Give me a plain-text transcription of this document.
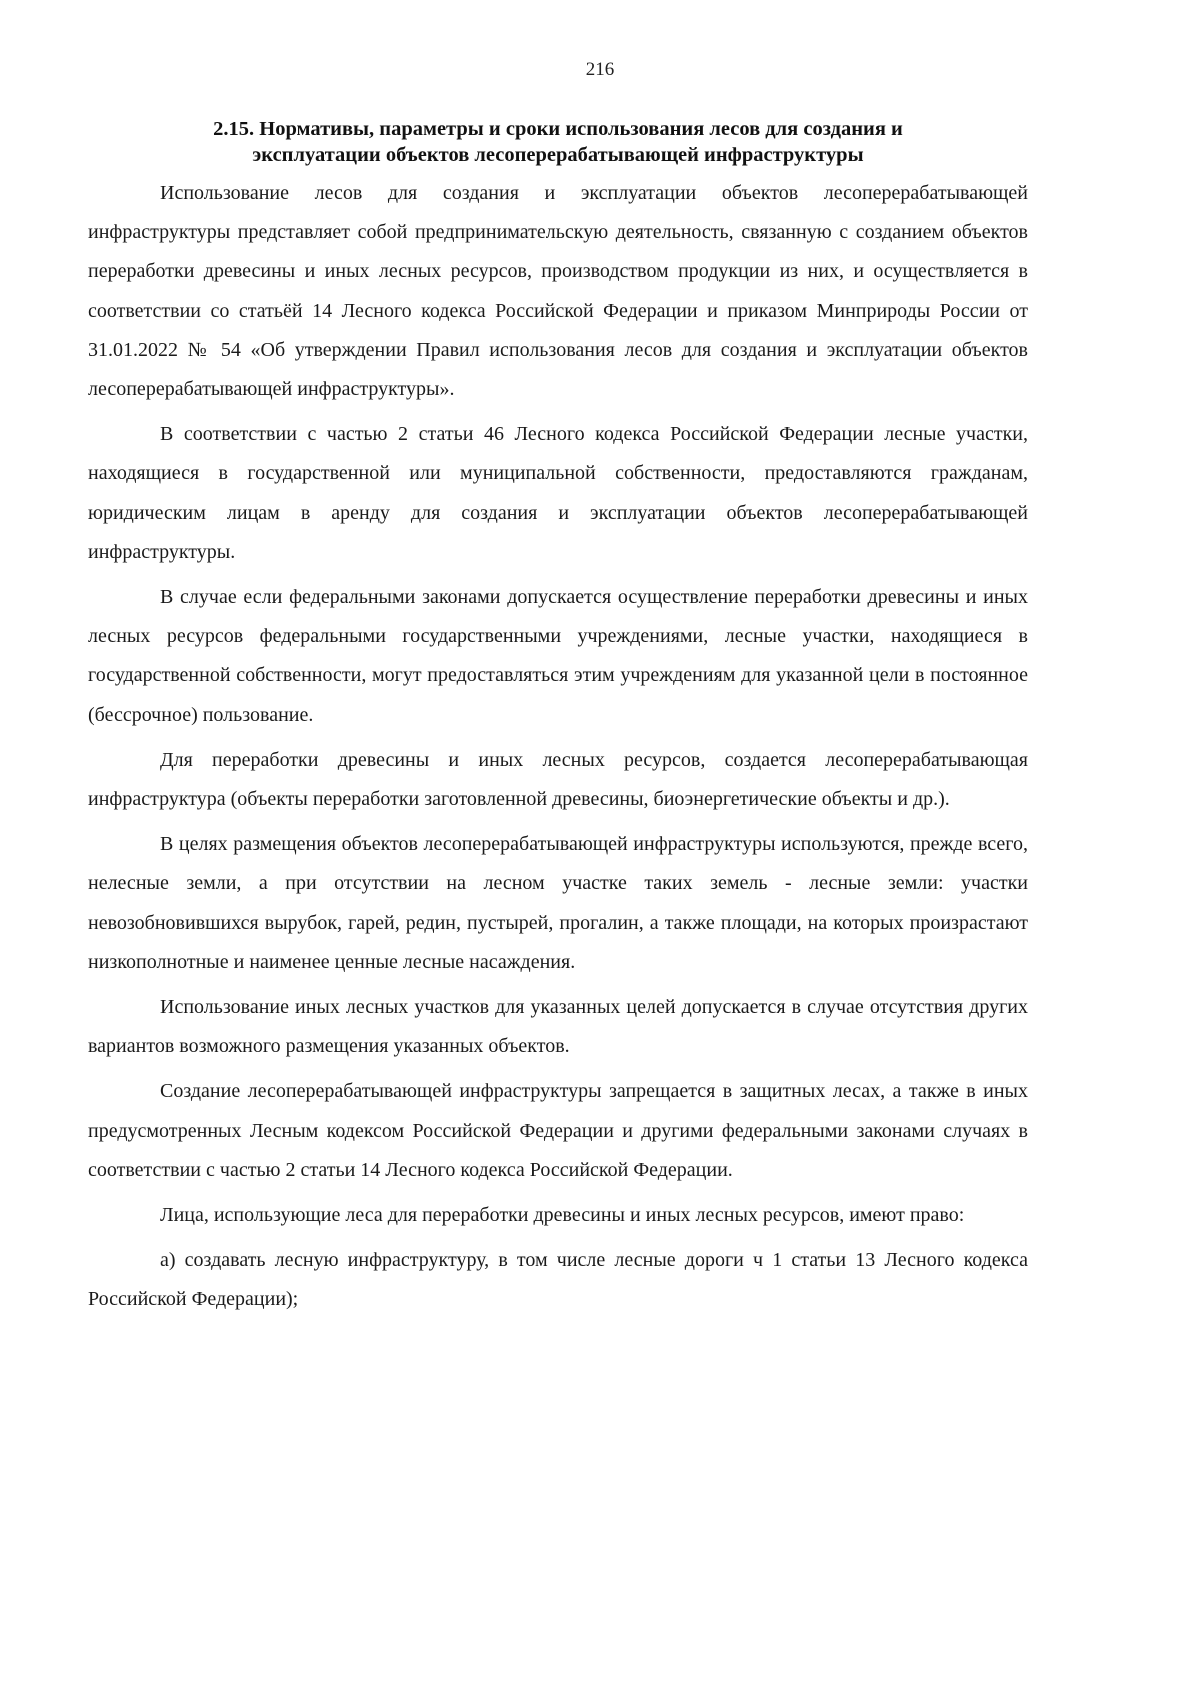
216
2.15. Нормативы, параметры и сроки использования лесов для создания и
эксплуатации объектов лесоперерабатывающей инфраструктуры

Использование лесов для создания и эксплуатации объектов лесоперерабатывающей инфраструктуры представляет собой предпринимательскую деятельность, связанную с созданием объектов переработки древесины и иных лесных ресурсов, производством продукции из них, и осуществляется в соответствии со статьёй 14 Лесного кодекса Российской Федерации и приказом Минприроды России от 31.01.2022 № 54 «Об утверждении Правил использования лесов для создания и эксплуатации объектов лесоперерабатывающей инфраструктуры».

В соответствии с частью 2 статьи 46 Лесного кодекса Российской Федерации лесные участки, находящиеся в государственной или муниципальной собственности, предоставляются гражданам, юридическим лицам в аренду для создания и эксплуатации объектов лесоперерабатывающей инфраструктуры.

В случае если федеральными законами допускается осуществление переработки древесины и иных лесных ресурсов федеральными государственными учреждениями, лесные участки, находящиеся в государственной собственности, могут предоставляться этим учреждениям для указанной цели в постоянное (бессрочное) пользование.

Для переработки древесины и иных лесных ресурсов, создается лесоперерабатывающая инфраструктура (объекты переработки заготовленной древесины, биоэнергетические объекты и др.).

В целях размещения объектов лесоперерабатывающей инфраструктуры используются, прежде всего, нелесные земли, а при отсутствии на лесном участке таких земель - лесные земли: участки невозобновившихся вырубок, гарей, редин, пустырей, прогалин, а также площади, на которых произрастают низкополнотные и наименее ценные лесные насаждения.

Использование иных лесных участков для указанных целей допускается в случае отсутствия других вариантов возможного размещения указанных объектов.

Создание лесоперерабатывающей инфраструктуры запрещается в защитных лесах, а также в иных предусмотренных Лесным кодексом Российской Федерации и другими федеральными законами случаях в соответствии с частью 2 статьи 14 Лесного кодекса Российской Федерации.

Лица, использующие леса для переработки древесины и иных лесных ресурсов, имеют право:

а) создавать лесную инфраструктуру, в том числе лесные дороги ч 1 статьи 13 Лесного кодекса Российской Федерации);
